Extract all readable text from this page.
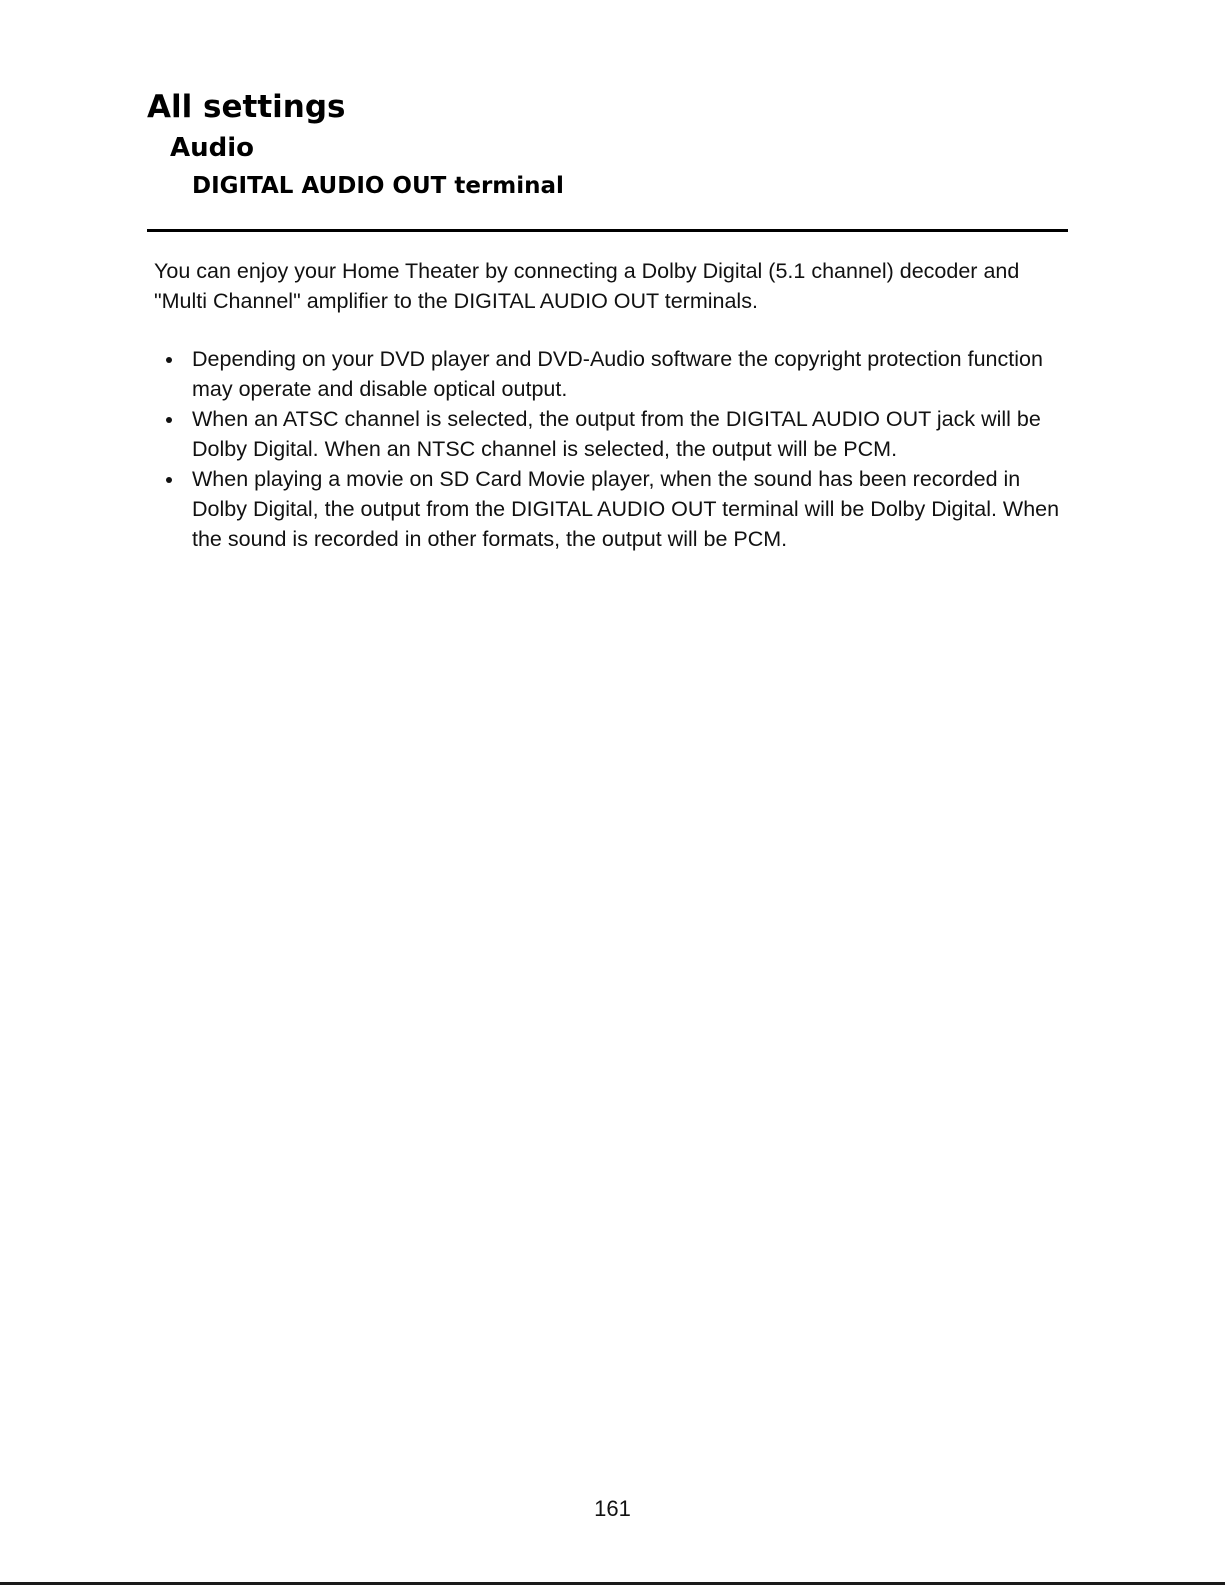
All settings
Audio
DIGITAL AUDIO OUT terminal

You can enjoy your Home Theater by connecting a Dolby Digital (5.1 channel) decoder and "Multi Channel" amplifier to the DIGITAL AUDIO OUT terminals.

Depending on your DVD player and DVD-Audio software the copyright protection function may operate and disable optical output.
When an ATSC channel is selected, the output from the DIGITAL AUDIO OUT jack will be Dolby Digital. When an NTSC channel is selected, the output will be PCM.
When playing a movie on SD Card Movie player, when the sound has been recorded in Dolby Digital, the output from the DIGITAL AUDIO OUT terminal will be Dolby Digital. When the sound is recorded in other formats, the output will be PCM.
161
